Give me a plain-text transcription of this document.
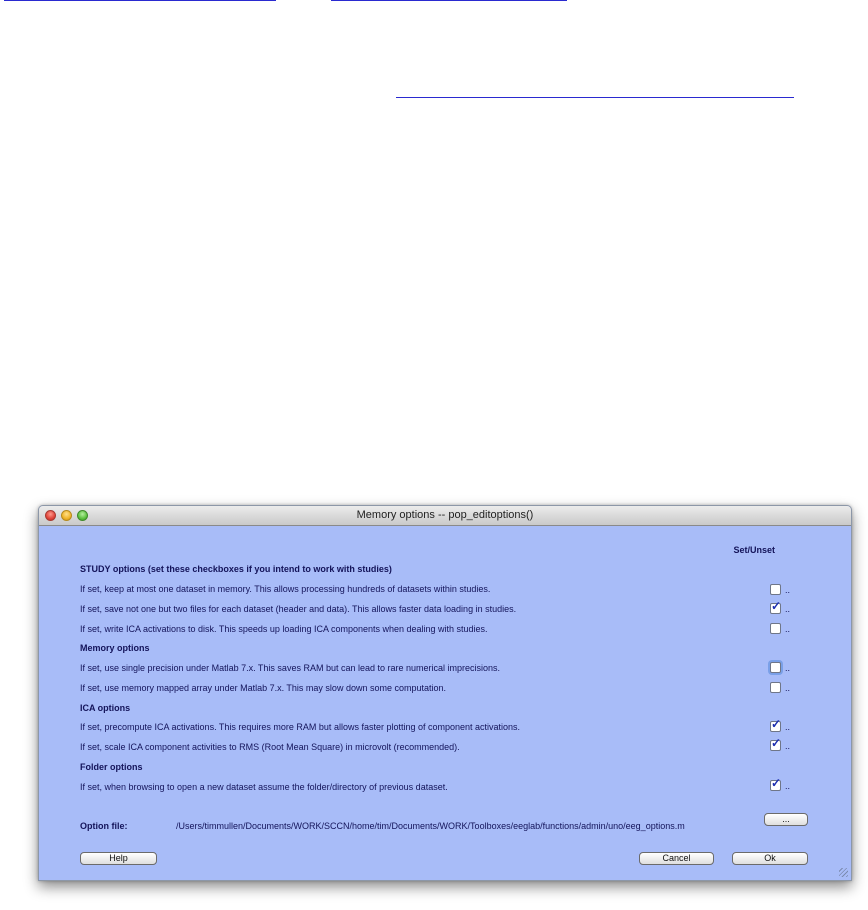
Memory options -- pop_editoptions()
Set/Unset
STUDY options (set these checkboxes if you intend to work with studies)
If set, keep at most one dataset in memory. This allows processing hundreds of datasets within studies.	..
If set, save not one but two files for each dataset (header and data). This allows faster data loading in studies.	✓ ..
If set, write ICA activations to disk. This speeds up loading ICA components when dealing with studies.	..
Memory options
If set, use single precision under Matlab 7.x. This saves RAM but can lead to rare numerical imprecisions.	..
If set, use memory mapped array under Matlab 7.x. This may slow down some computation.	..
ICA options
If set, precompute ICA activations. This requires more RAM but allows faster plotting of component activations.	✓ ..
If set, scale ICA component activities to RMS (Root Mean Square) in microvolt (recommended).	✓ ..
Folder options
If set, when browsing to open a new dataset assume the folder/directory of previous dataset.	✓ ..
Option file:	/Users/timmullen/Documents/WORK/SCCN/home/tim/Documents/WORK/Toolboxes/eeglab/functions/admin/uno/eeg_options.m
...
Help	Cancel	Ok
